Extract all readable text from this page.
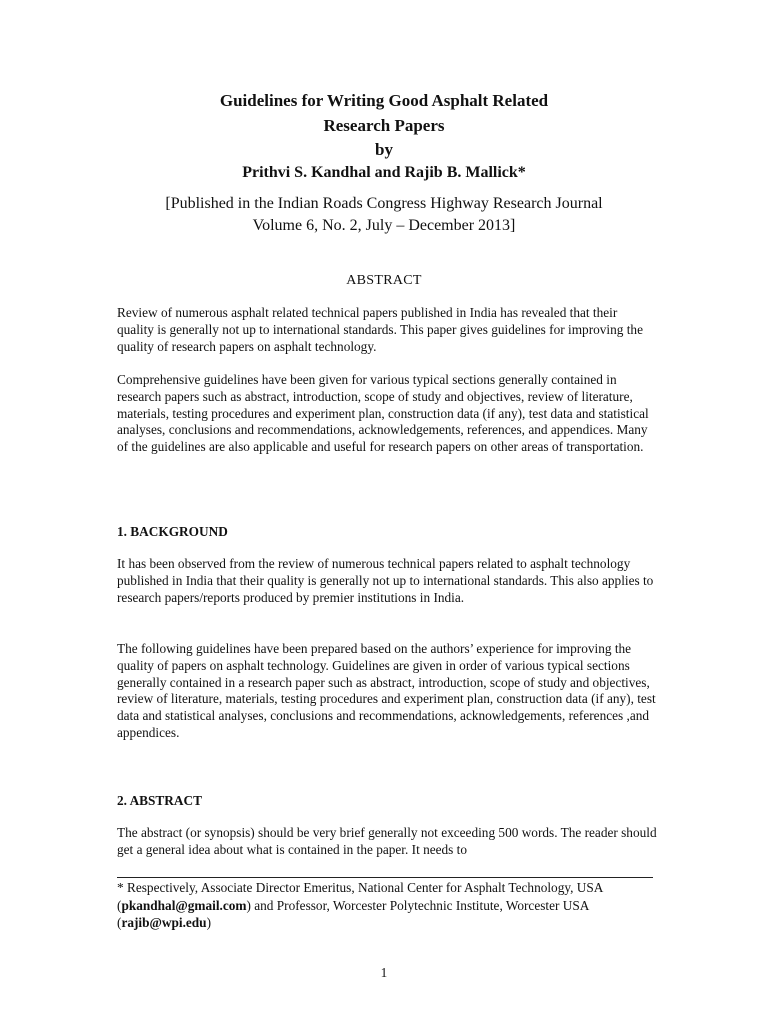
Guidelines for Writing Good Asphalt Related

Research Papers

by

Prithvi S. Kandhal and Rajib B. Mallick*

[Published in the Indian Roads Congress Highway Research Journal

Volume 6, No. 2, July – December 2013]

ABSTRACT

Review of numerous asphalt related technical papers published in India has revealed that their quality is generally not up to international standards. This paper gives guidelines for improving the quality of research papers on asphalt technology.

Comprehensive guidelines have been given for various typical sections generally contained in research papers such as abstract, introduction, scope of study and objectives, review of literature, materials, testing procedures and experiment plan, construction data (if any), test data and statistical analyses, conclusions and recommendations, acknowledgements, references, and appendices. Many of the guidelines are also applicable and useful for research papers on other areas of transportation.

1. BACKGROUND

It has been observed from the review of numerous technical papers related to asphalt technology published in India that their quality is generally not up to international standards. This also applies to research papers/reports produced by premier institutions in India.

The following guidelines have been prepared based on the authors’ experience for improving the quality of papers on asphalt technology. Guidelines are given in order of various typical sections generally contained in a research paper such as abstract, introduction, scope of study and objectives, review of literature, materials, testing procedures and experiment plan, construction data (if any), test data and statistical analyses, conclusions and recommendations, acknowledgements, references ,and appendices.

2. ABSTRACT

The abstract (or synopsis) should be very brief generally not exceeding 500 words. The reader should get a general idea about what is contained in the paper. It needs to

* Respectively, Associate Director Emeritus, National Center for Asphalt Technology, USA (pkandhal@gmail.com) and Professor, Worcester Polytechnic Institute, Worcester USA (rajib@wpi.edu)

1
